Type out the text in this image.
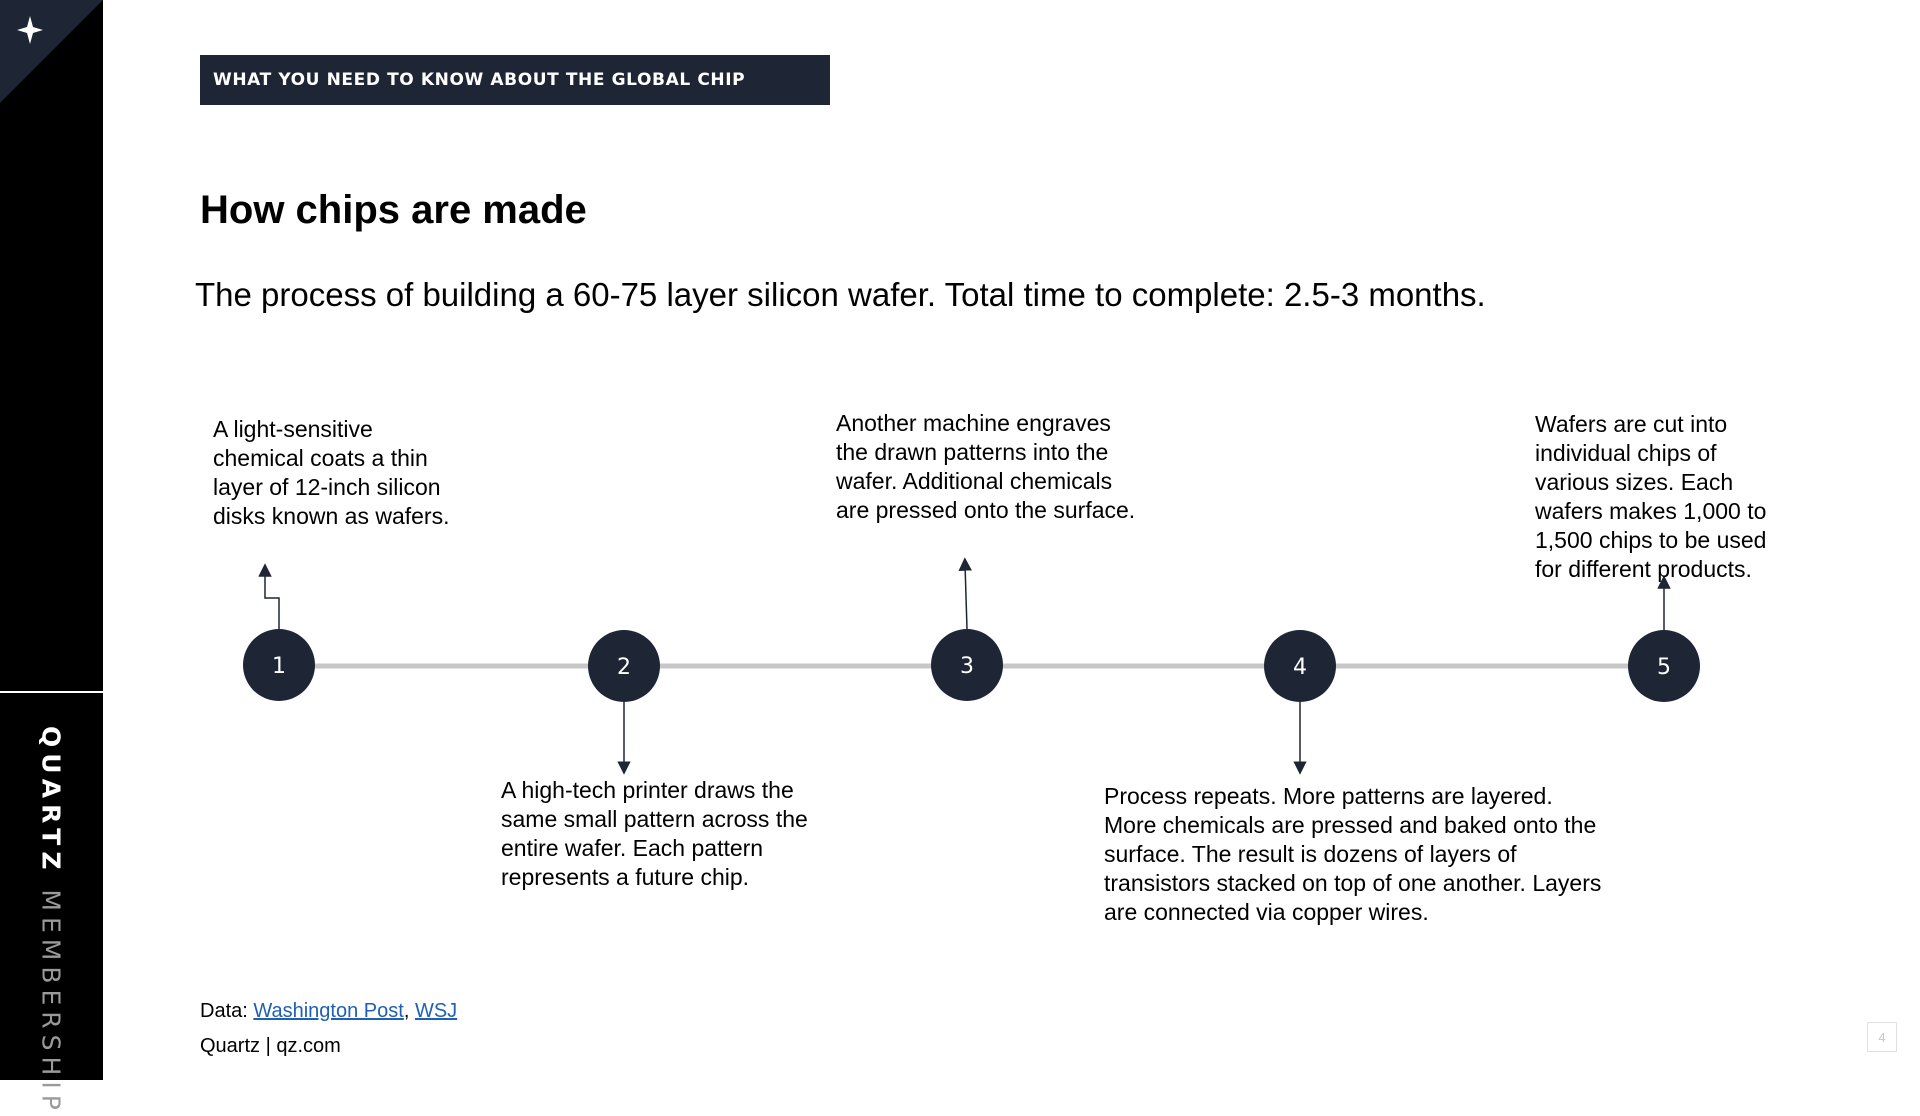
QUARTZ MEMBERSHIP
WHAT YOU NEED TO KNOW ABOUT THE GLOBAL CHIP SHORTAGE
How chips are made

The process of building a 60-75 layer silicon wafer. Total time to complete: 2.5-3 months.

1	2	3	4	5

A light-sensitive chemical coats a thin layer of 12-inch silicon disks known as wafers.

A high-tech printer draws the same small pattern across the entire wafer. Each pattern represents a future chip.

Another machine engraves the drawn patterns into the wafer. Additional chemicals are pressed onto the surface.

Process repeats. More patterns are layered. More chemicals are pressed and baked onto the surface. The result is dozens of layers of transistors stacked on top of one another. Layers are connected via copper wires.

Wafers are cut into individual chips of various sizes. Each wafers makes 1,000 to 1,500 chips to be used for different products.

Data: Washington Post, WSJ
Quartz | qz.com	4
